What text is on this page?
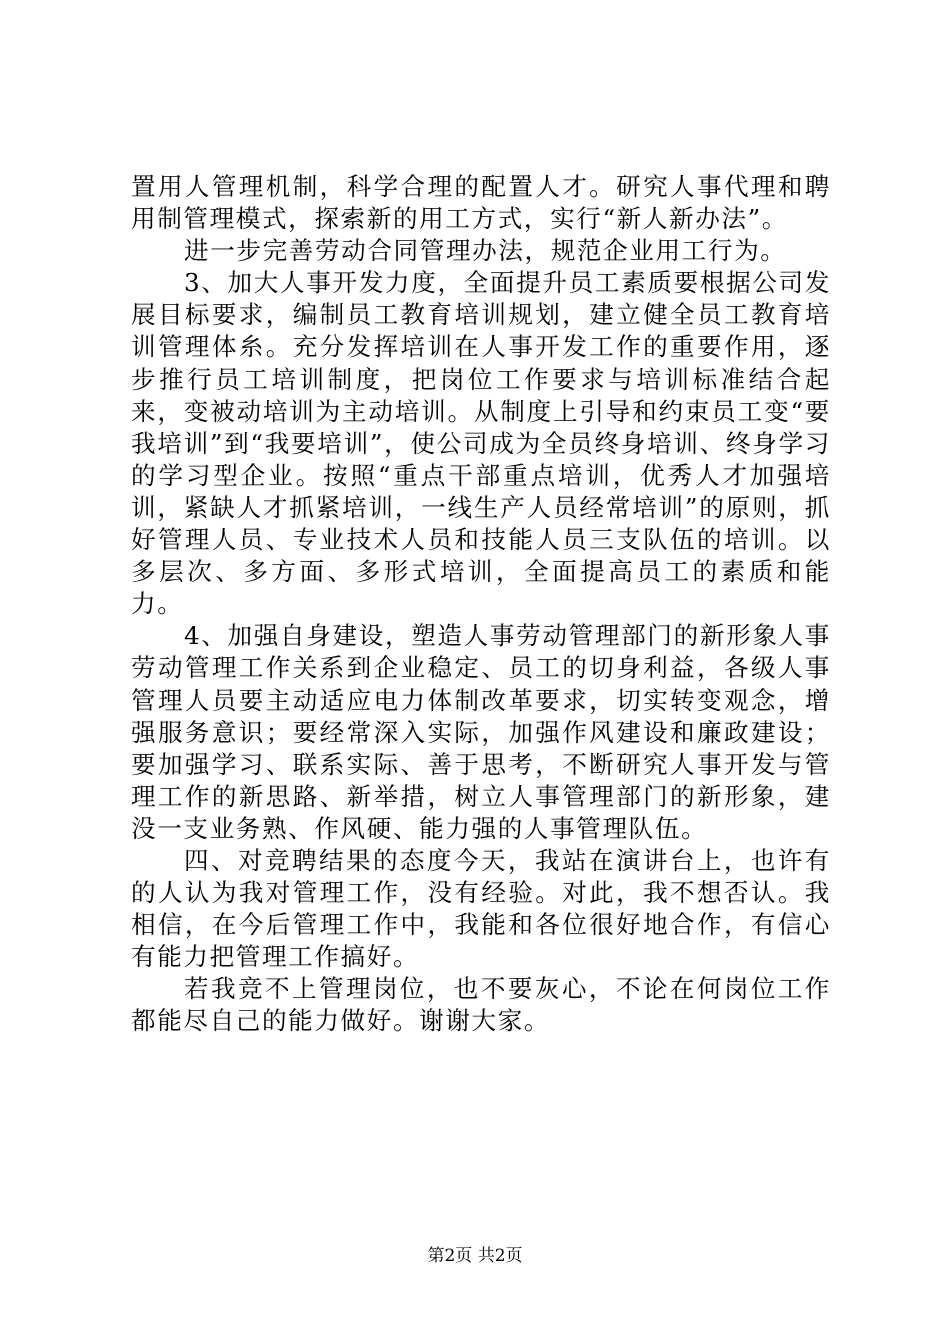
置用人管理机制，科学合理的配置人才。研究人事代理和聘用制管理模式，探索新的用工方式，实行“新人新办法”。

进一步完善劳动合同管理办法，规范企业用工行为。

3、加大人事开发力度，全面提升员工素质要根据公司发展目标要求，编制员工教育培训规划，建立健全员工教育培训管理体糸。充分发挥培训在人事开发工作的重要作用，逐步推行员工培训制度，把岗位工作要求与培训标准结合起来，变被动培训为主动培训。从制度上引导和约束员工变“要我培训”到“我要培训”，使公司成为全员终身培训、终身学习的学习型企业。按照“重点干部重点培训，优秀人才加强培训，紧缺人才抓紧培训，一线生产人员经常培训”的原则，抓好管理人员、专业技术人员和技能人员三支队伍的培训。以多层次、多方面、多形式培训，全面提高员工的素质和能力。

4、加强自身建设，塑造人事劳动管理部门的新形象人事劳动管理工作关系到企业稳定、员工的切身利益，各级人事管理人员要主动适应电力体制改革要求，切实转变观念，增强服务意识；要经常深入实际，加强作风建设和廉政建设；要加强学习、联系实际、善于思考，不断研究人事开发与管理工作的新思路、新举措，树立人事管理部门的新形象，建没一支业务熟、作风硬、能力强的人事管理队伍。

四、对竞聘结果的态度今天，我站在演讲台上，也许有的人认为我对管理工作，没有经验。对此，我不想否认。我相信，在今后管理工作中，我能和各位很好地合作，有信心有能力把管理工作搞好。

若我竞不上管理岗位，也不要灰心，不论在何岗位工作都能尽自己的能力做好。谢谢大家。

第2页 共2页
